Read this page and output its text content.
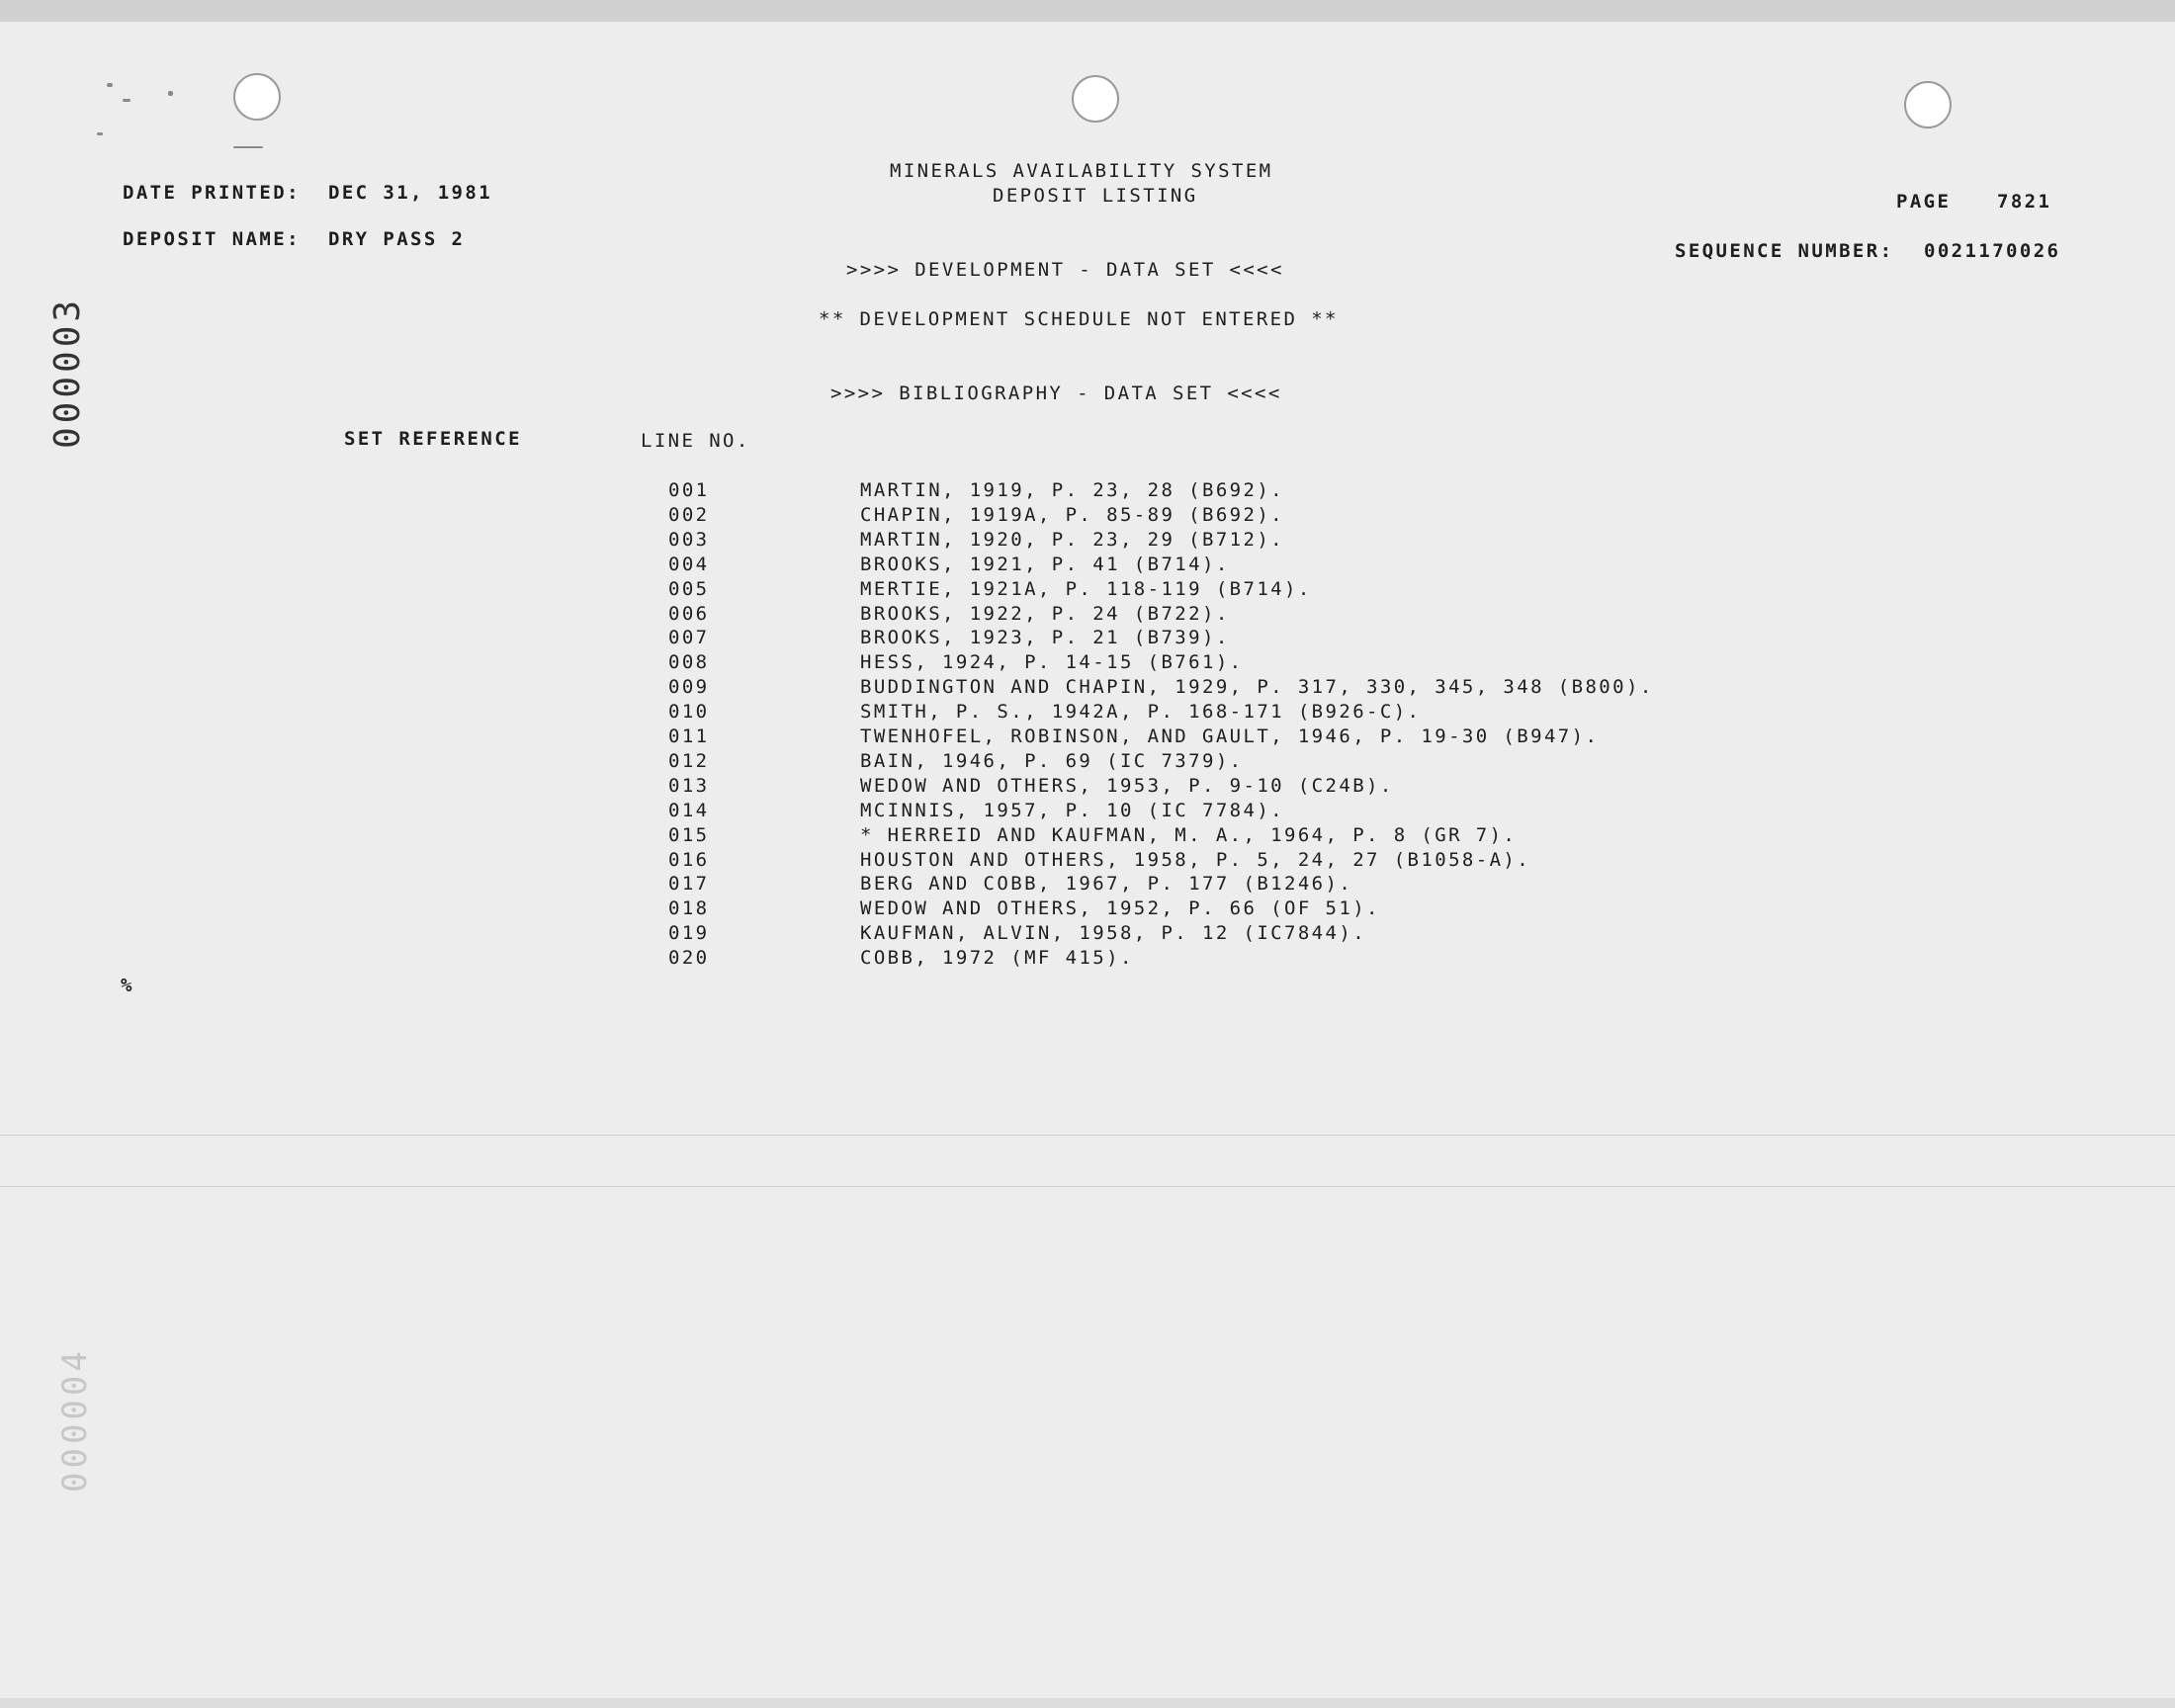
000003
000004
MINERALS AVAILABILITY SYSTEM
DEPOSIT LISTING
DATE PRINTED: DEC 31, 1981
DEPOSIT NAME: DRY PASS 2
PAGE 7821
SEQUENCE NUMBER: 0021170026
>>>> DEVELOPMENT - DATA SET <<<<
** DEVELOPMENT SCHEDULE NOT ENTERED **
>>>> BIBLIOGRAPHY - DATA SET <<<<
SET REFERENCE	LINE NO.
001	MARTIN, 1919, P. 23, 28 (B692).
002	CHAPIN, 1919A, P. 85-89 (B692).
003	MARTIN, 1920, P. 23, 29 (B712).
004	BROOKS, 1921, P. 41 (B714).
005	MERTIE, 1921A, P. 118-119 (B714).
006	BROOKS, 1922, P. 24 (B722).
007	BROOKS, 1923, P. 21 (B739).
008	HESS, 1924, P. 14-15 (B761).
009	BUDDINGTON AND CHAPIN, 1929, P. 317, 330, 345, 348 (B800).
010	SMITH, P. S., 1942A, P. 168-171 (B926-C).
011	TWENHOFEL, ROBINSON, AND GAULT, 1946, P. 19-30 (B947).
012	BAIN, 1946, P. 69 (IC 7379).
013	WEDOW AND OTHERS, 1953, P. 9-10 (C24B).
014	MCINNIS, 1957, P. 10 (IC 7784).
015	* HERREID AND KAUFMAN, M. A., 1964, P. 8 (GR 7).
016	HOUSTON AND OTHERS, 1958, P. 5, 24, 27 (B1058-A).
017	BERG AND COBB, 1967, P. 177 (B1246).
018	WEDOW AND OTHERS, 1952, P. 66 (OF 51).
019	KAUFMAN, ALVIN, 1958, P. 12 (IC7844).
020	COBB, 1972 (MF 415).
%
